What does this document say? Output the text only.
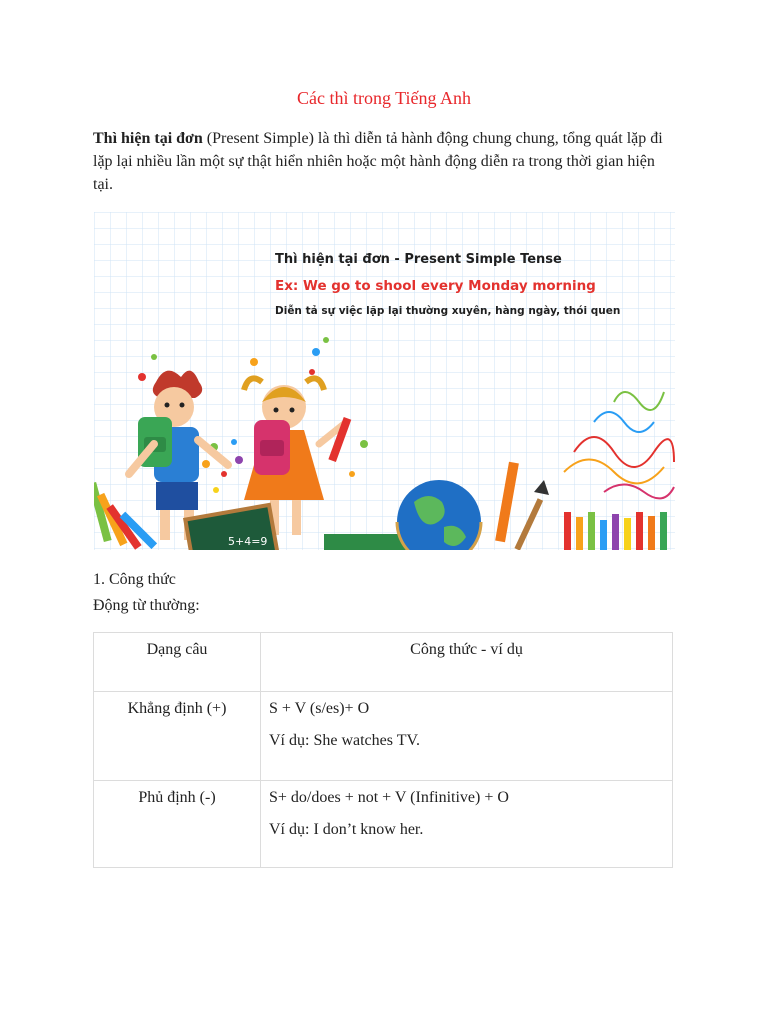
Các thì trong Tiếng Anh

Thì hiện tại đơn (Present Simple) là thì diễn tả hành động chung chung, tổng quát lặp đi lặp lại nhiều lần một sự thật hiển nhiên hoặc một hành động diễn ra trong thời gian hiện tại.

5+4=9
Thì hiện tại đơn - Present Simple Tense
Ex: We go to shool every Monday morning
Diễn tả sự việc lặp lại thường xuyên, hàng ngày, thói quen
1. Công thức
Động từ thường:
Dạng câu	Công thức - ví dụ
Khẳng định (+)	S + V (s/es)+ O
Ví dụ: She watches TV.

Phủ định (-)	S+ do/does + not + V (Infinitive) + O
Ví dụ: I don’t know her.
